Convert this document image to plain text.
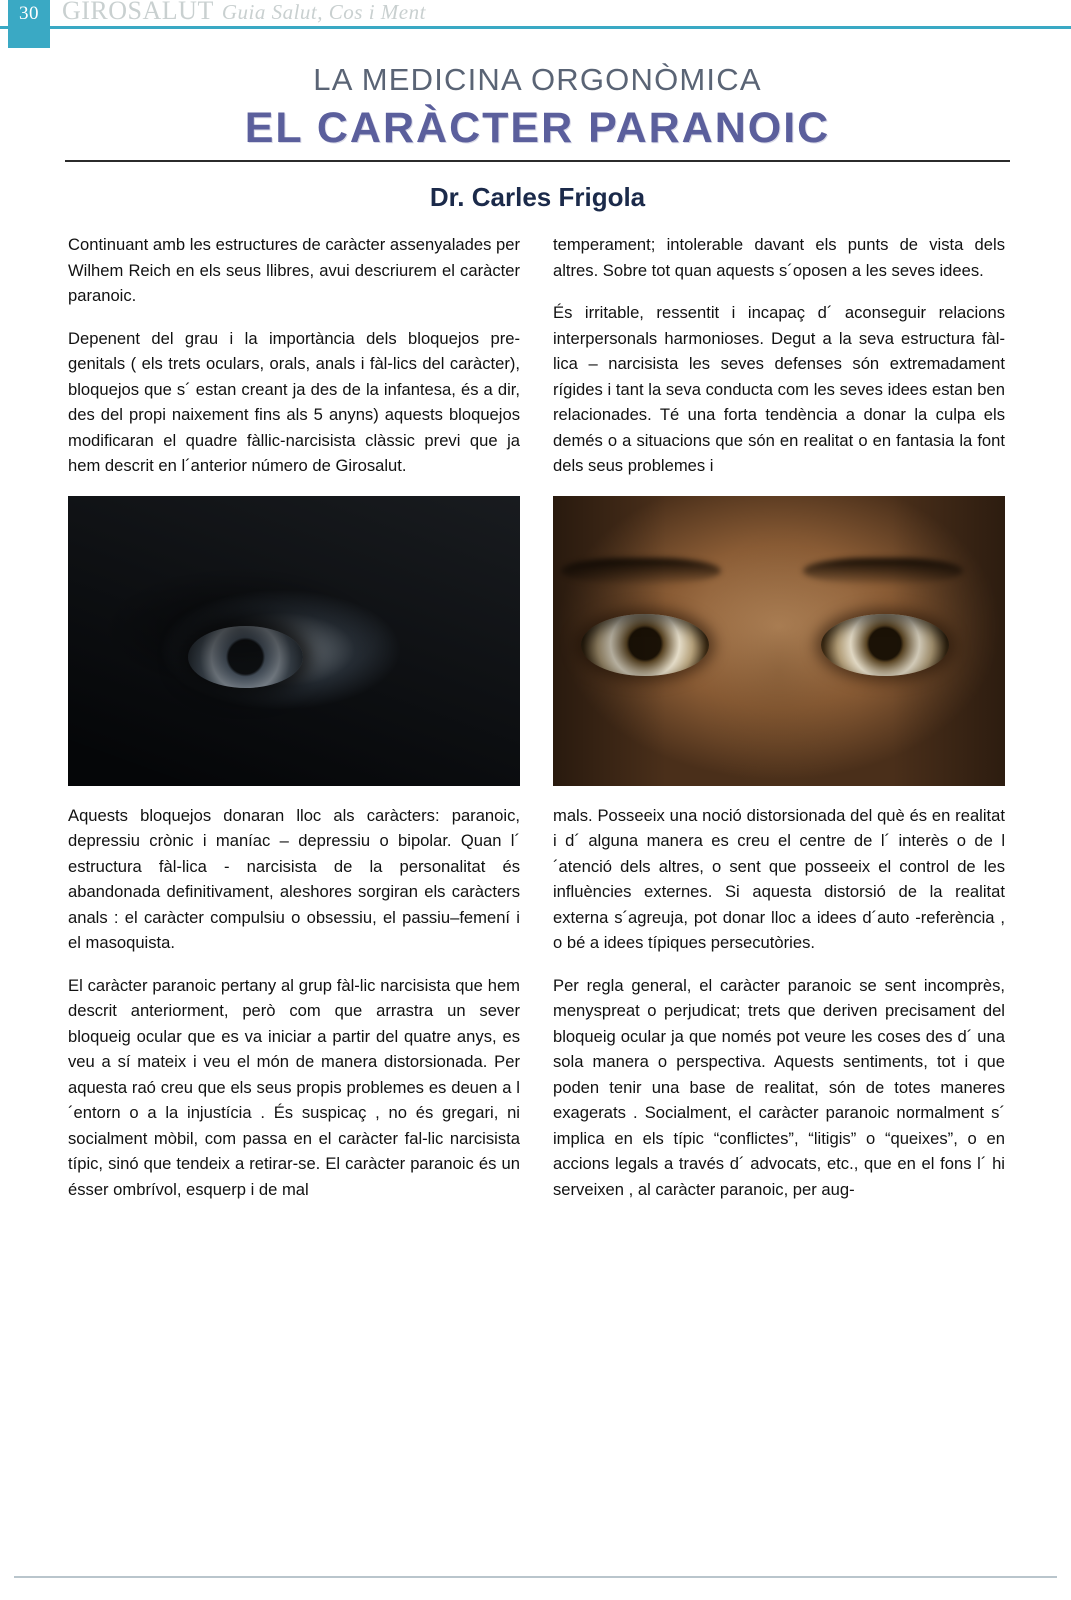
GIROSALUT Guia Salut, Cos i Ment
30
LA MEDICINA ORGONÒMICA
EL CARÀCTER PARANOIC
Dr. Carles Frigola

Continuant amb les estructures de caràcter assenyalades per Wilhem Reich en els seus llibres, avui descriurem el caràcter paranoic.

Depenent del grau i la importància dels bloquejos pre-genitals ( els trets oculars, orals, anals i fàl-lics del caràcter), bloquejos que s´ estan creant ja des de la infantesa, és a dir, des del propi naixement fins als 5 anyns) aquests bloquejos modificaran el quadre fàllic-narcisista clàssic previ que ja hem descrit en l´anterior número de Girosalut.

Aquests bloquejos donaran lloc als caràcters: paranoic, depressiu crònic i maníac – depressiu o bipolar. Quan l´ estructura fàl-lica - narcisista de la personalitat és abandonada definitivament, aleshores sorgiran els caràcters anals : el caràcter compulsiu o obsessiu, el passiu–femení i el masoquista.

El caràcter paranoic pertany al grup fàl-lic narcisista que hem descrit anteriorment, però com que arrastra un sever bloqueig ocular que es va iniciar a partir del quatre anys, es veu a sí mateix i veu el món de manera distorsionada. Per aquesta raó creu que els seus propis problemes es deuen a l´entorn o a la injustícia . És suspicaç , no és gregari, ni socialment mòbil, com passa en el caràcter fal-lic narcisista típic, sinó que tendeix a retirar-se. El caràcter paranoic és un ésser ombrívol, esquerp i de mal

temperament; intolerable davant els punts de vista dels altres. Sobre tot quan aquests s´oposen a les seves idees.

És irritable, ressentit i incapaç d´ aconseguir relacions interpersonals harmonioses. Degut a la seva estructura fàl-lica – narcisista les seves defenses són extremadament rígides i tant la seva conducta com les seves idees estan ben relacionades. Té una forta tendència a donar la culpa els demés o a situacions que són en realitat o en fantasia la font dels seus problemes i

mals. Posseeix una noció distorsionada del què és en realitat i d´ alguna manera es creu el centre de l´ interès o de l´atenció dels altres, o sent que posseeix el control de les influències externes. Si aquesta distorsió de la realitat externa s´agreuja, pot donar lloc a idees d´auto -referència , o bé a idees típiques persecutòries.

Per regla general, el caràcter paranoic se sent incomprès, menyspreat o perjudicat; trets que deriven precisament del bloqueig ocular ja que només pot veure les coses des d´ una sola manera o perspectiva. Aquests sentiments, tot i que poden tenir una base de realitat, són de totes maneres exagerats . Socialment, el caràcter paranoic normalment s´ implica en els típic “conflictes”, “litigis” o “queixes”, o en accions legals a través d´ advocats, etc., que en el fons l´ hi serveixen , al caràcter paranoic, per aug-
